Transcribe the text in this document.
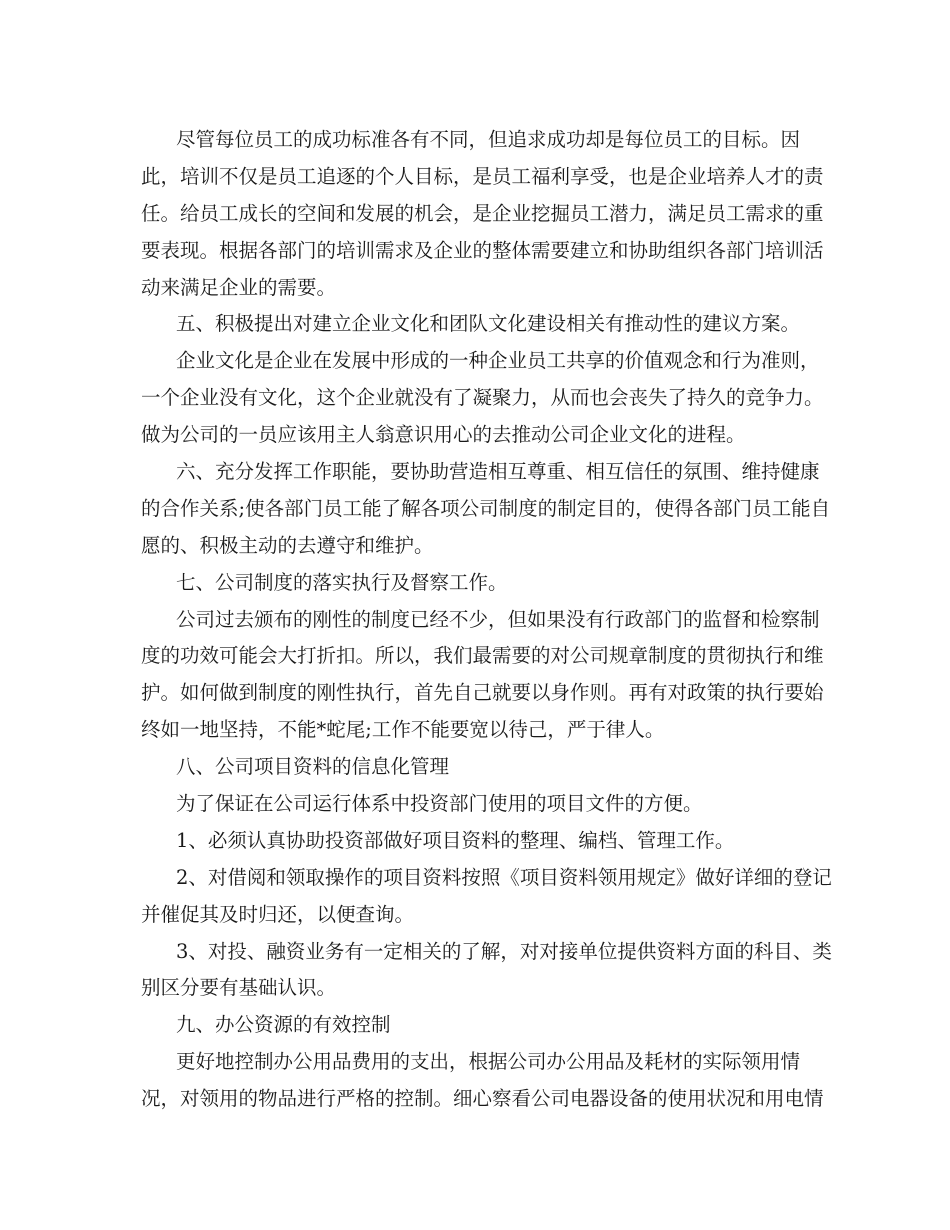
尽管每位员工的成功标准各有不同，但追求成功却是每位员工的目标。因
此，培训不仅是员工追逐的个人目标，是员工福利享受，也是企业培养人才的责
任。给员工成长的空间和发展的机会，是企业挖掘员工潜力，满足员工需求的重
要表现。根据各部门的培训需求及企业的整体需要建立和协助组织各部门培训活
动来满足企业的需要。
五、积极提出对建立企业文化和团队文化建设相关有推动性的建议方案。
企业文化是企业在发展中形成的一种企业员工共享的价值观念和行为准则，
一个企业没有文化，这个企业就没有了凝聚力，从而也会丧失了持久的竞争力。
做为公司的一员应该用主人翁意识用心的去推动公司企业文化的进程。
六、充分发挥工作职能，要协助营造相互尊重、相互信任的氛围、维持健康
的合作关系;使各部门员工能了解各项公司制度的制定目的，使得各部门员工能自
愿的、积极主动的去遵守和维护。
七、公司制度的落实执行及督察工作。
公司过去颁布的刚性的制度已经不少，但如果没有行政部门的监督和检察制
度的功效可能会大打折扣。所以，我们最需要的对公司规章制度的贯彻执行和维
护。如何做到制度的刚性执行，首先自己就要以身作则。再有对政策的执行要始
终如一地坚持，不能*蛇尾;工作不能要宽以待己，严于律人。
八、公司项目资料的信息化管理
为了保证在公司运行体系中投资部门使用的项目文件的方便。
1、必须认真协助投资部做好项目资料的整理、编档、管理工作。
2、对借阅和领取操作的项目资料按照《项目资料领用规定》做好详细的登记
并催促其及时归还，以便查询。
3、对投、融资业务有一定相关的了解，对对接单位提供资料方面的科目、类
别区分要有基础认识。
九、办公资源的有效控制
更好地控制办公用品费用的支出，根据公司办公用品及耗材的实际领用情
况，对领用的物品进行严格的控制。细心察看公司电器设备的使用状况和用电情
